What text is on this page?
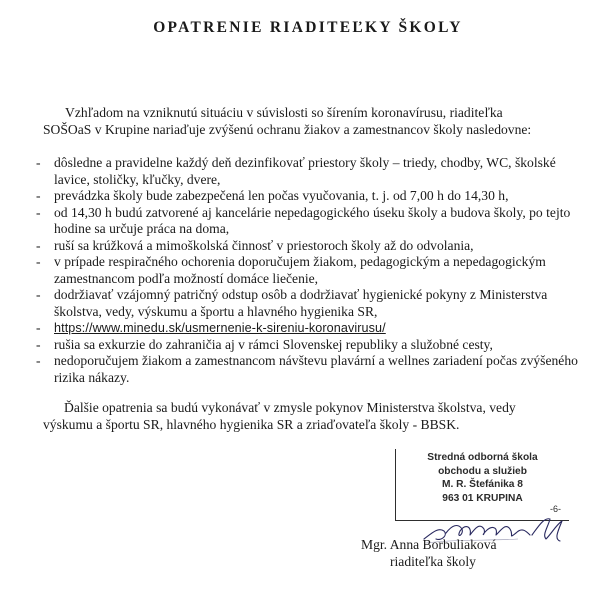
OPATRENIE RIADITEĽKY ŠKOLY

Vzhľadom na vzniknutú situáciu v súvislosti so šírením koronavírusu, riaditeľka

SOŠOaS v Krupine nariaďuje zvýšenú ochranu žiakov a zamestnancov školy nasledovne:

- dôsledne a pravidelne každý deň dezinfikovať priestory školy – triedy, chodby, WC, školské lavice, stoličky, kľučky, dvere,
- prevádzka školy bude zabezpečená len počas vyučovania, t. j. od 7,00 h do 14,30 h,
- od 14,30 h budú zatvorené aj kancelárie nepedagogického úseku školy a budova školy, po tejto hodine sa určuje práca na doma,
- ruší sa krúžková a mimoškolská činnosť v priestoroch školy až do odvolania,
- v prípade respiračného ochorenia doporučujem žiakom, pedagogickým a nepedagogickým zamestnancom podľa možností domáce liečenie,
- dodržiavať vzájomný patričný odstup osôb a dodržiavať hygienické pokyny z Ministerstva školstva, vedy, výskumu a športu a hlavného hygienika SR,
- https://www.minedu.sk/usmernenie-k-sireniu-koronavirusu/
- rušia sa exkurzie do zahraničia aj v rámci Slovenskej republiky a služobné cesty,
- nedoporučujem žiakom a zamestnancom návštevu plavární a wellnes zariadení počas zvýšeného rizika nákazy.

Ďalšie opatrenia sa budú vykonávať v zmysle pokynov Ministerstva školstva, vedy

výskumu a športu SR, hlavného hygienika SR a zriaďovateľa školy - BBSK.

Stredná odborná škola
obchodu a služieb
M. R. Štefánika 8
963 01 KRUPINA
-6-

Mgr. Anna Borbuliaková

riaditeľka školy
